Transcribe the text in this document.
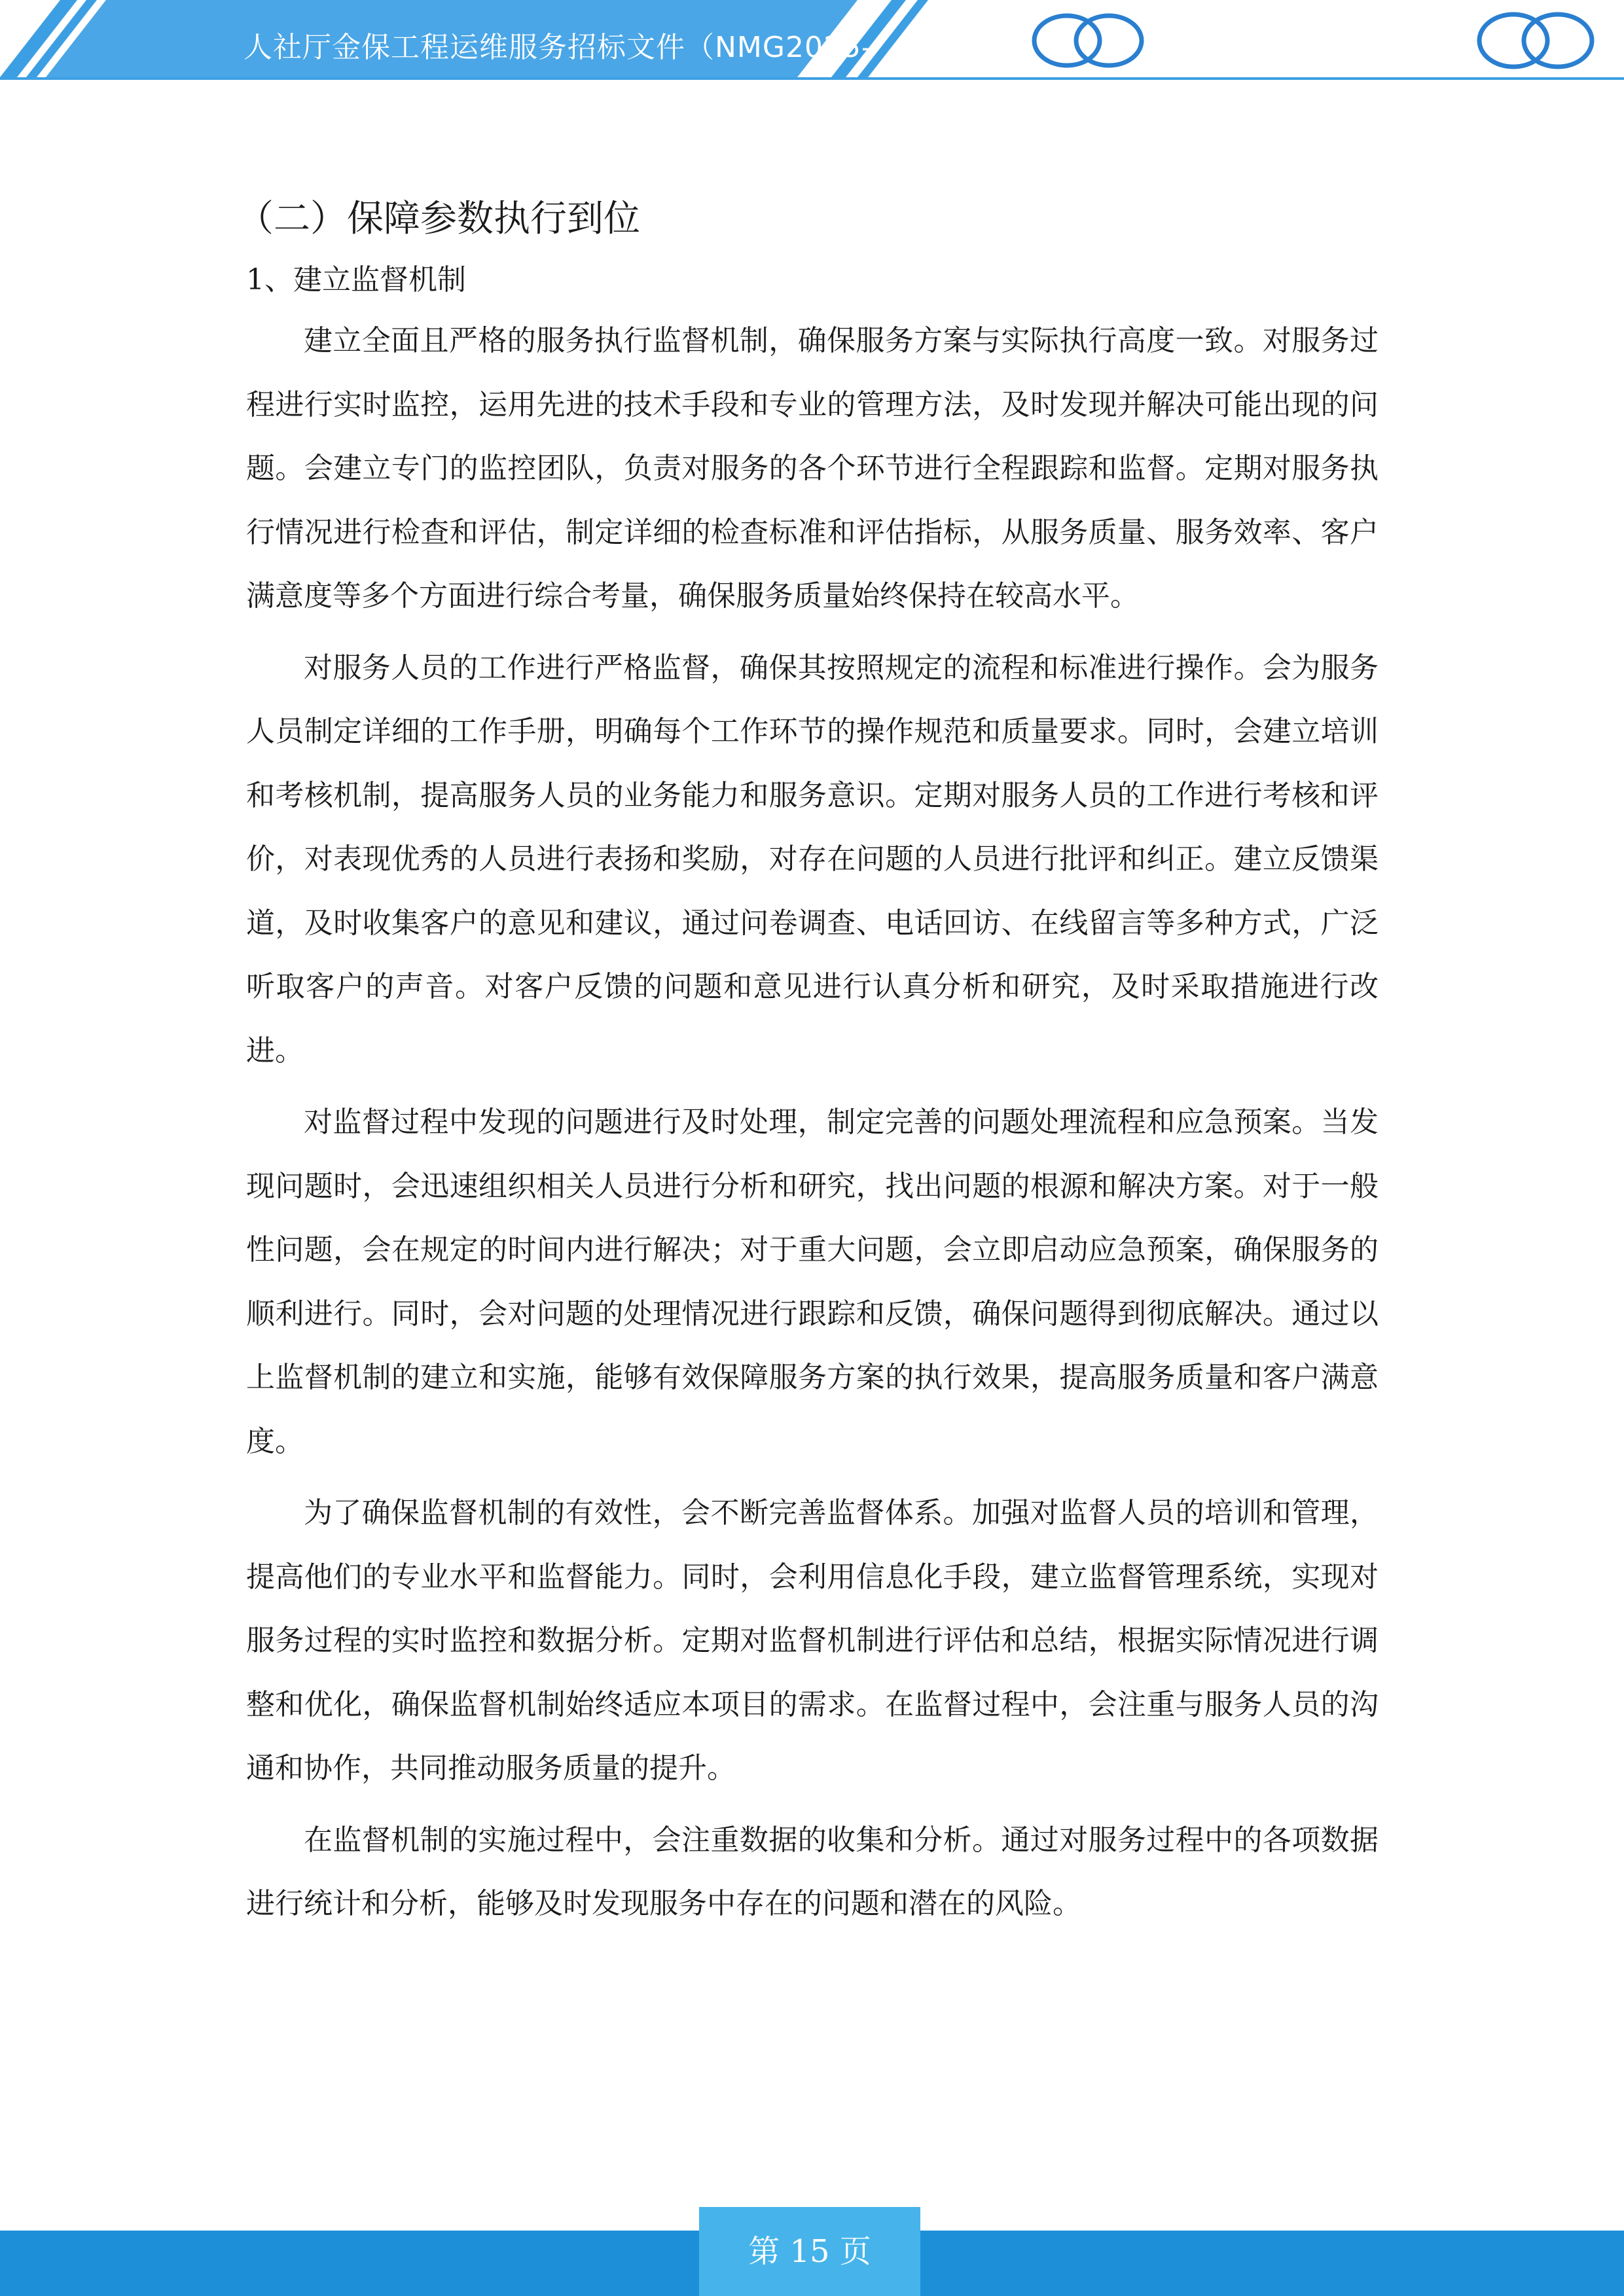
人社厅金保工程运维服务招标文件（NMG2025-
（二）保障参数执行到位

1、建立监督机制

建立全面且严格的服务执行监督机制，确保服务方案与实际执行高度一致。对服务过程进行实时监控，运用先进的技术手段和专业的管理方法，及时发现并解决可能出现的问题。会建立专门的监控团队，负责对服务的各个环节进行全程跟踪和监督。定期对服务执行情况进行检查和评估，制定详细的检查标准和评估指标，从服务质量、服务效率、客户满意度等多个方面进行综合考量，确保服务质量始终保持在较高水平。

对服务人员的工作进行严格监督，确保其按照规定的流程和标准进行操作。会为服务人员制定详细的工作手册，明确每个工作环节的操作规范和质量要求。同时，会建立培训和考核机制，提高服务人员的业务能力和服务意识。定期对服务人员的工作进行考核和评价，对表现优秀的人员进行表扬和奖励，对存在问题的人员进行批评和纠正。建立反馈渠道，及时收集客户的意见和建议，通过问卷调查、电话回访、在线留言等多种方式，广泛听取客户的声音。对客户反馈的问题和意见进行认真分析和研究，及时采取措施进行改进。

对监督过程中发现的问题进行及时处理，制定完善的问题处理流程和应急预案。当发现问题时，会迅速组织相关人员进行分析和研究，找出问题的根源和解决方案。对于一般性问题，会在规定的时间内进行解决；对于重大问题，会立即启动应急预案，确保服务的顺利进行。同时，会对问题的处理情况进行跟踪和反馈，确保问题得到彻底解决。通过以上监督机制的建立和实施，能够有效保障服务方案的执行效果，提高服务质量和客户满意度。

为了确保监督机制的有效性，会不断完善监督体系。加强对监督人员的培训和管理，提高他们的专业水平和监督能力。同时，会利用信息化手段，建立监督管理系统，实现对服务过程的实时监控和数据分析。定期对监督机制进行评估和总结，根据实际情况进行调整和优化，确保监督机制始终适应本项目的需求。在监督过程中，会注重与服务人员的沟通和协作，共同推动服务质量的提升。

在监督机制的实施过程中，会注重数据的收集和分析。通过对服务过程中的各项数据进行统计和分析，能够及时发现服务中存在的问题和潜在的风险。

第 15 页
